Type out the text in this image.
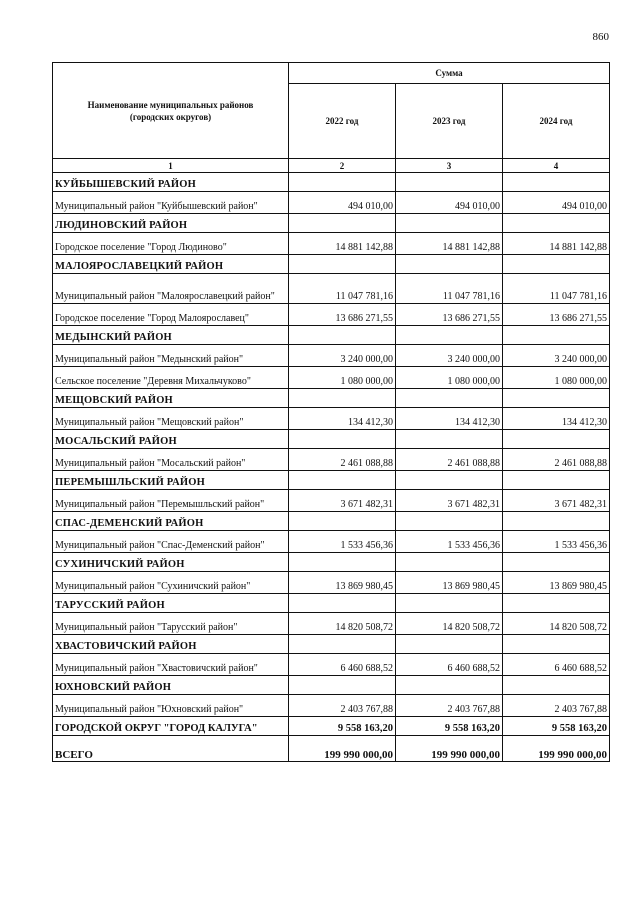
860
Наименование муниципальных районов (городских округов)	Сумма		
	2022 год	2023 год	2024 год
1	2	3	4
КУЙБЫШЕВСКИЙ РАЙОН			
Муниципальный район "Куйбышевский район"	494 010,00	494 010,00	494 010,00
ЛЮДИНОВСКИЙ РАЙОН			
Городское поселение "Город Людиново"	14 881 142,88	14 881 142,88	14 881 142,88
МАЛОЯРОСЛАВЕЦКИЙ РАЙОН			
Муниципальный район "Малоярославецкий район"	11 047 781,16	11 047 781,16	11 047 781,16
Городское поселение "Город Малоярославец"	13 686 271,55	13 686 271,55	13 686 271,55
МЕДЫНСКИЙ РАЙОН			
Муниципальный район "Медынский район"	3 240 000,00	3 240 000,00	3 240 000,00
Сельское поселение "Деревня Михальчуково"	1 080 000,00	1 080 000,00	1 080 000,00
МЕЩОВСКИЙ РАЙОН			
Муниципальный район "Мещовский район"	134 412,30	134 412,30	134 412,30
МОСАЛЬСКИЙ РАЙОН			
Муниципальный район "Мосальский район"	2 461 088,88	2 461 088,88	2 461 088,88
ПЕРЕМЫШЛЬСКИЙ РАЙОН			
Муниципальный район "Перемышльский район"	3 671 482,31	3 671 482,31	3 671 482,31
СПАС-ДЕМЕНСКИЙ РАЙОН			
Муниципальный район "Спас-Деменский район"	1 533 456,36	1 533 456,36	1 533 456,36
СУХИНИЧСКИЙ РАЙОН			
Муниципальный район "Сухиничский район"	13 869 980,45	13 869 980,45	13 869 980,45
ТАРУССКИЙ РАЙОН			
Муниципальный район "Тарусский район"	14 820 508,72	14 820 508,72	14 820 508,72
ХВАСТОВИЧСКИЙ РАЙОН			
Муниципальный район "Хвастовичский район"	6 460 688,52	6 460 688,52	6 460 688,52
ЮХНОВСКИЙ РАЙОН			
Муниципальный район "Юхновский район"	2 403 767,88	2 403 767,88	2 403 767,88
ГОРОДСКОЙ ОКРУГ "ГОРОД КАЛУГА"	9 558 163,20	9 558 163,20	9 558 163,20
ВСЕГО	199 990 000,00	199 990 000,00	199 990 000,00
